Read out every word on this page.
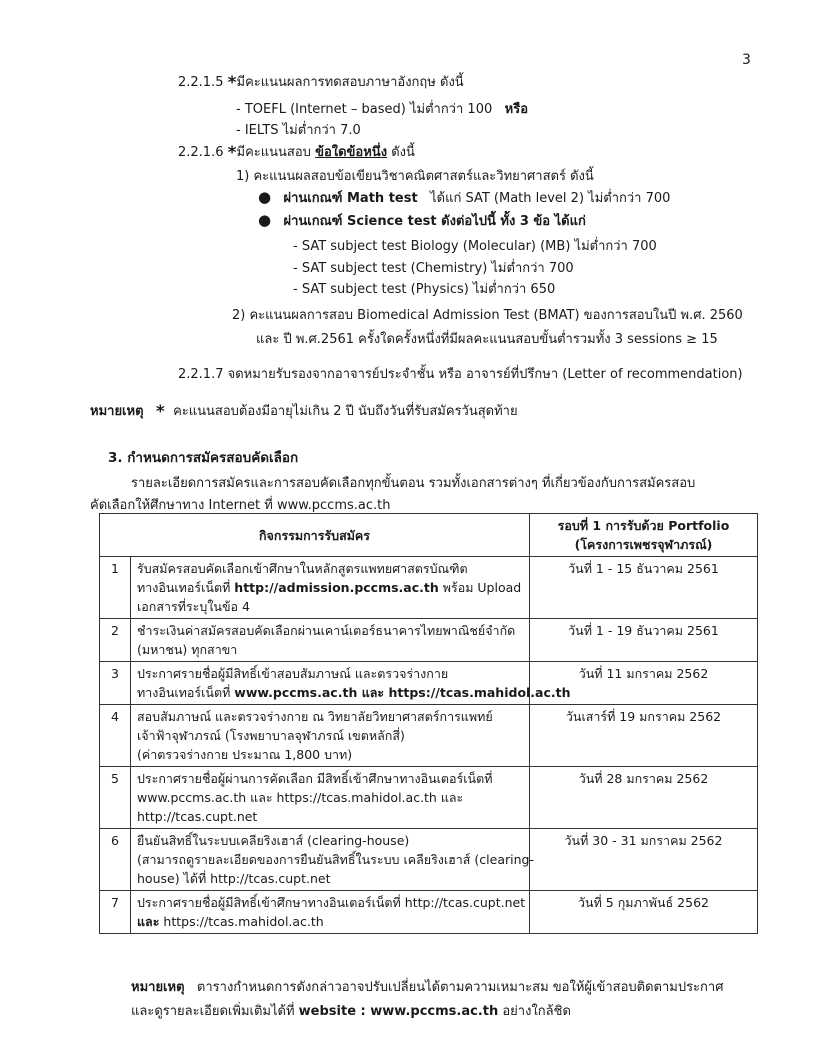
3
2.2.1.5 *มีคะแนนผลการทดสอบภาษาอังกฤษ ดังนี้
- TOEFL (Internet – based) ไม่ต่ำกว่า 100 หรือ
- IELTS ไม่ต่ำกว่า 7.0
2.2.1.6 *มีคะแนนสอบ ข้อใดข้อหนึ่ง ดังนี้
1) คะแนนผลสอบข้อเขียนวิชาคณิตศาสตร์และวิทยาศาสตร์ ดังนี้
● ผ่านเกณฑ์ Math test ได้แก่ SAT (Math level 2) ไม่ต่ำกว่า 700
● ผ่านเกณฑ์ Science test ดังต่อไปนี้ ทั้ง 3 ข้อ ได้แก่
- SAT subject test Biology (Molecular) (MB) ไม่ต่ำกว่า 700
- SAT subject test (Chemistry) ไม่ต่ำกว่า 700
- SAT subject test (Physics) ไม่ต่ำกว่า 650
2) คะแนนผลการสอบ Biomedical Admission Test (BMAT) ของการสอบในปี พ.ศ. 2560
และ ปี พ.ศ.2561 ครั้งใดครั้งหนึ่งที่มีผลคะแนนสอบขั้นต่ำรวมทั้ง 3 sessions ≥ 15
2.2.1.7 จดหมายรับรองจากอาจารย์ประจำชั้น หรือ อาจารย์ที่ปรึกษา (Letter of recommendation)
หมายเหตุ * คะแนนสอบต้องมีอายุไม่เกิน 2 ปี นับถึงวันที่รับสมัครวันสุดท้าย
3. กำหนดการสมัครสอบคัดเลือก
รายละเอียดการสมัครและการสอบคัดเลือกทุกขั้นตอน รวมทั้งเอกสารต่างๆ ที่เกี่ยวข้องกับการสมัครสอบ
คัดเลือกให้ศึกษาทาง Internet ที่ www.pccms.ac.th
กิจกรรมการรับสมัคร		รอบที่ 1 การรับด้วย Portfolio
(โครงการเพชรจุฬาภรณ์)

1	รับสมัครสอบคัดเลือกเข้าศึกษาในหลักสูตรแพทยศาสตรบัณฑิต
ทางอินเทอร์เน็ตที่ http://admission.pccms.ac.th พร้อม Upload
เอกสารที่ระบุในข้อ 4	วันที่ 1 - 15 ธันวาคม 2561
2	ชำระเงินค่าสมัครสอบคัดเลือกผ่านเคาน์เตอร์ธนาคารไทยพาณิชย์จำกัด
(มหาชน) ทุกสาขา	วันที่ 1 - 19 ธันวาคม 2561
3	ประกาศรายชื่อผู้มีสิทธิ์เข้าสอบสัมภาษณ์ และตรวจร่างกาย
ทางอินเทอร์เน็ตที่ www.pccms.ac.th และ https://tcas.mahidol.ac.th	วันที่ 11 มกราคม 2562
4	สอบสัมภาษณ์ และตรวจร่างกาย ณ วิทยาลัยวิทยาศาสตร์การแพทย์
เจ้าฟ้าจุฬาภรณ์ (โรงพยาบาลจุฬาภรณ์ เขตหลักสี่)
(ค่าตรวจร่างกาย ประมาณ 1,800 บาท)	วันเสาร์ที่ 19 มกราคม 2562
5	ประกาศรายชื่อผู้ผ่านการคัดเลือก มีสิทธิ์เข้าศึกษาทางอินเตอร์เน็ตที่
www.pccms.ac.th และ https://tcas.mahidol.ac.th และ
http://tcas.cupt.net	วันที่ 28 มกราคม 2562
6	ยืนยันสิทธิ์ในระบบเคลียริงเฮาส์ (clearing-house)
(สามารถดูรายละเอียดของการยืนยันสิทธิ์ในระบบ เคลียริงเฮาส์ (clearing-
house) ได้ที่ http://tcas.cupt.net	วันที่ 30 - 31 มกราคม 2562
7	ประกาศรายชื่อผู้มีสิทธิ์เข้าศึกษาทางอินเตอร์เน็ตที่ http://tcas.cupt.net
และ https://tcas.mahidol.ac.th	วันที่ 5 กุมภาพันธ์ 2562
หมายเหตุ ตารางกำหนดการดังกล่าวอาจปรับเปลี่ยนได้ตามความเหมาะสม ขอให้ผู้เข้าสอบติดตามประกาศ
และดูรายละเอียดเพิ่มเติมได้ที่ website : www.pccms.ac.th อย่างใกล้ชิด
